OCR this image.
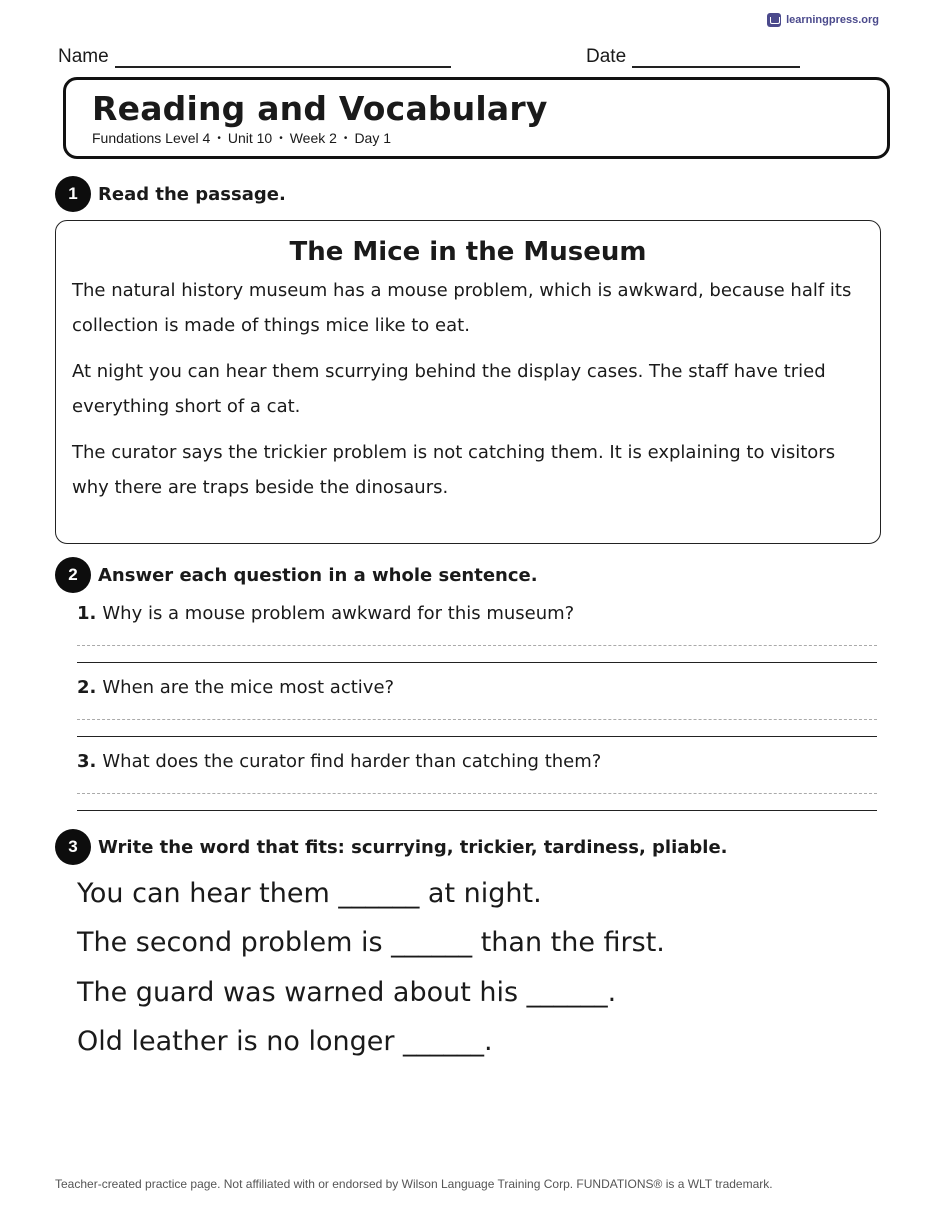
learningpress.org
Name	Date
Reading and Vocabulary
Fundations Level 4 • Unit 10 • Week 2 • Day 1
1	Read the passage.
The Mice in the Museum

The natural history museum has a mouse problem, which is awkward, because half its collection is made of things mice like to eat.

At night you can hear them scurrying behind the display cases. The staff have tried everything short of a cat.

The curator says the trickier problem is not catching them. It is explaining to visitors why there are traps beside the dinosaurs.

2	Answer each question in a whole sentence.
1. Why is a mouse problem awkward for this museum?
2. When are the mice most active?
3. What does the curator find harder than catching them?
3	Write the word that fits: scurrying, trickier, tardiness, pliable.
You can hear them ______ at night.
The second problem is ______ than the first.
The guard was warned about his ______.
Old leather is no longer ______.
Teacher-created practice page. Not affiliated with or endorsed by Wilson Language Training Corp. FUNDATIONS® is a WLT trademark.
